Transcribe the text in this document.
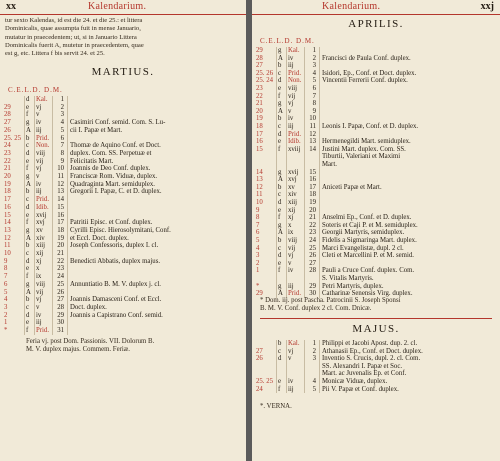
xx	Kalendarium.
tur sexto Kalendas, id est die 24. et die 25.: et littera
Dominicalis, quae assumpta fuit in mense Januario,
mutatur in praecedentem; ut, si in Januario Littera
Dominicalis fuerit A, mutetur in praecedentem, quae
est g, etc. Littera f bis servit 24. et 25.
MARTIUS.
C.E.L.D. D.M.
d Kal.	1
29 e vj	2
28 f v	3
27 g iv	4 Casimiri Conf. semid. Com. S. Lu-
26 A iij	5 cii I. Papæ et Mart.
25. 25 b Prid.	6
24 c Non.	7 Thomæ de Aquino Conf. et Doct.
23 d viij	8 duplex. Com. SS. Perpetuæ et
22 e vij	9 Felicitatis Mart.
21 f vj	10 Joannis de Deo Conf. duplex.
20 g v	11 Franciscæ Rom. Viduæ, duplex.
19 A iv	12 Quadraginta Mart. semiduplex.
18 b iij	13 Gregorii I. Papæ, C. et D. duplex.
17 c Prid.	14
16 d Idib.	15
15 e xvij	16
14 f xvj	17 Patritii Episc. et Conf. duplex.
13 g xv	18 Cyrilli Episc. Hierosolymitani, Conf.
12 A xiv	19 et Eccl. Doct. duplex.
11 b xiij	20 Joseph Confessoris, duplex I. cl.
10 c xij	21
9	d xj	22 Benedicti Abbatis, duplex majus.
8	e x	23
7	f ix	24
6	g viij	25 Annuntiatio B. M. V. duplex j. cl.
5	A vij	26
4	b vj	27 Joannis Damasceni Conf. et Eccl.
3	c v	28 Doct. duplex.
2	d iv	29 Joannis a Capistrano Conf. semid.
1	e iij	30
*	f Prid.	31
Feria vj. post Dom. Passionis. VII. Dolorum B.
M. V. duplex majus. Commem. Feriæ.
Kalendarium.	xxj
APRILIS.
C.E.L.D. D.M.
29 g Kal.	1
28 A iv	2 Francisci de Paula Conf. duplex.
27 b iij	3
25. 26 c Prid.	4 Isidori, Ep., Conf. et Doct. duplex.
25. 24 d Non.	5 Vincentii Ferrerii Conf. duplex.
23 e viij	6
22 f vij	7
21 g vj	8
20 A v	9
19 b iv	10
18 c iij	11 Leonis I. Papæ, Conf. et D. duplex.
17 d Prid.	12
16 e Idib.	13 Hermenegildi Mart. semiduplex.
15 f xviij	14 Justini Mart. duplex. Com. SS.
Tiburtii, Valeriani et Maximi
Mart.
14 g xvij	15
13 A xvj	16
12 b xv	17 Aniceti Papæ et Mart.
11 c xiv	18
10 d xiij	19
9	e xij	20
8	f xj	21 Anselmi Ep., Conf. et D. duplex.
7	g x	22 Soteris et Caji P. et M. semiduplex.
6	A ix	23 Georgii Martyris, semiduplex.
5	b viij	24 Fidelis a Sigmaringa Mart. duplex.
4	c vij	25 Marci Evangelistæ, dupl. 2 cl.
3	d vj	26 Cleti et Marcellini P. et M. semid.
2	e v	27
1	f iv	28 Pauli a Cruce Conf. duplex. Com.
S. Vitalis Martyris.
*	g iij	29 Petri Martyris, duplex.
29 A Prid.	30 Catharinæ Senensis Virg. duplex.
* Dom. iij. post Pascha. Patrocinii S. Joseph Sponsi
B. M. V. Conf. duplex 2 cl. Com. Dnicæ.
MAJUS.
b Kal.	1 Philippi et Jacobi Apost. dup. 2. cl.
27 c vj	2 Athanasii Ep., Conf. et Doct. duplex.
26 d v	3 Inventio S. Crucis, dupl. 2. cl. Com.
SS. Alexandri I. Papæ et Soc.
Mart. ac Juvenalis Ep. et Conf.
25. 25 e iv	4 Monicæ Viduæ, duplex.
24 f iij	5 Pii V. Papæ et Conf. duplex.
*. VERNA.
